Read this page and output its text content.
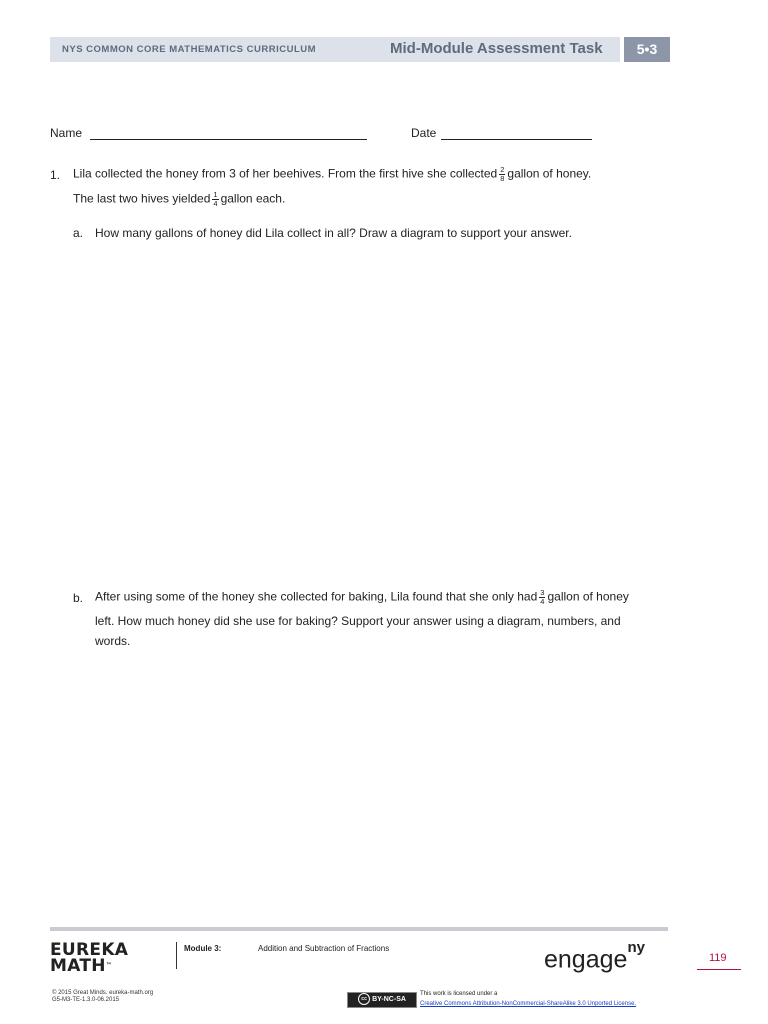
NYS COMMON CORE MATHEMATICS CURRICULUM	Mid-Module Assessment Task	5•3
Name	Date
1. Lila collected the honey from 3 of her beehives. From the first hive she collected $\frac{2}{8}$ gallon of honey.
The last two hives yielded $\frac{1}{4}$ gallon each.
a. How many gallons of honey did Lila collect in all? Draw a diagram to support your answer.
b. After using some of the honey she collected for baking, Lila found that she only had $\frac{3}{4}$ gallon of honey
left. How much honey did she use for baking? Support your answer using a diagram, numbers, and
words.
EUREKA
MATH™
Module 3:	Addition and Subtraction of Fractions	engage$^{ny}$
119
© 2015 Great Minds. eureka-math.org
G5-M3-TE-1.3.0-06.2015	cc BY-NC-SA
This work is licensed under a
Creative Commons Attribution-NonCommercial-ShareAlike 3.0 Unported License.
